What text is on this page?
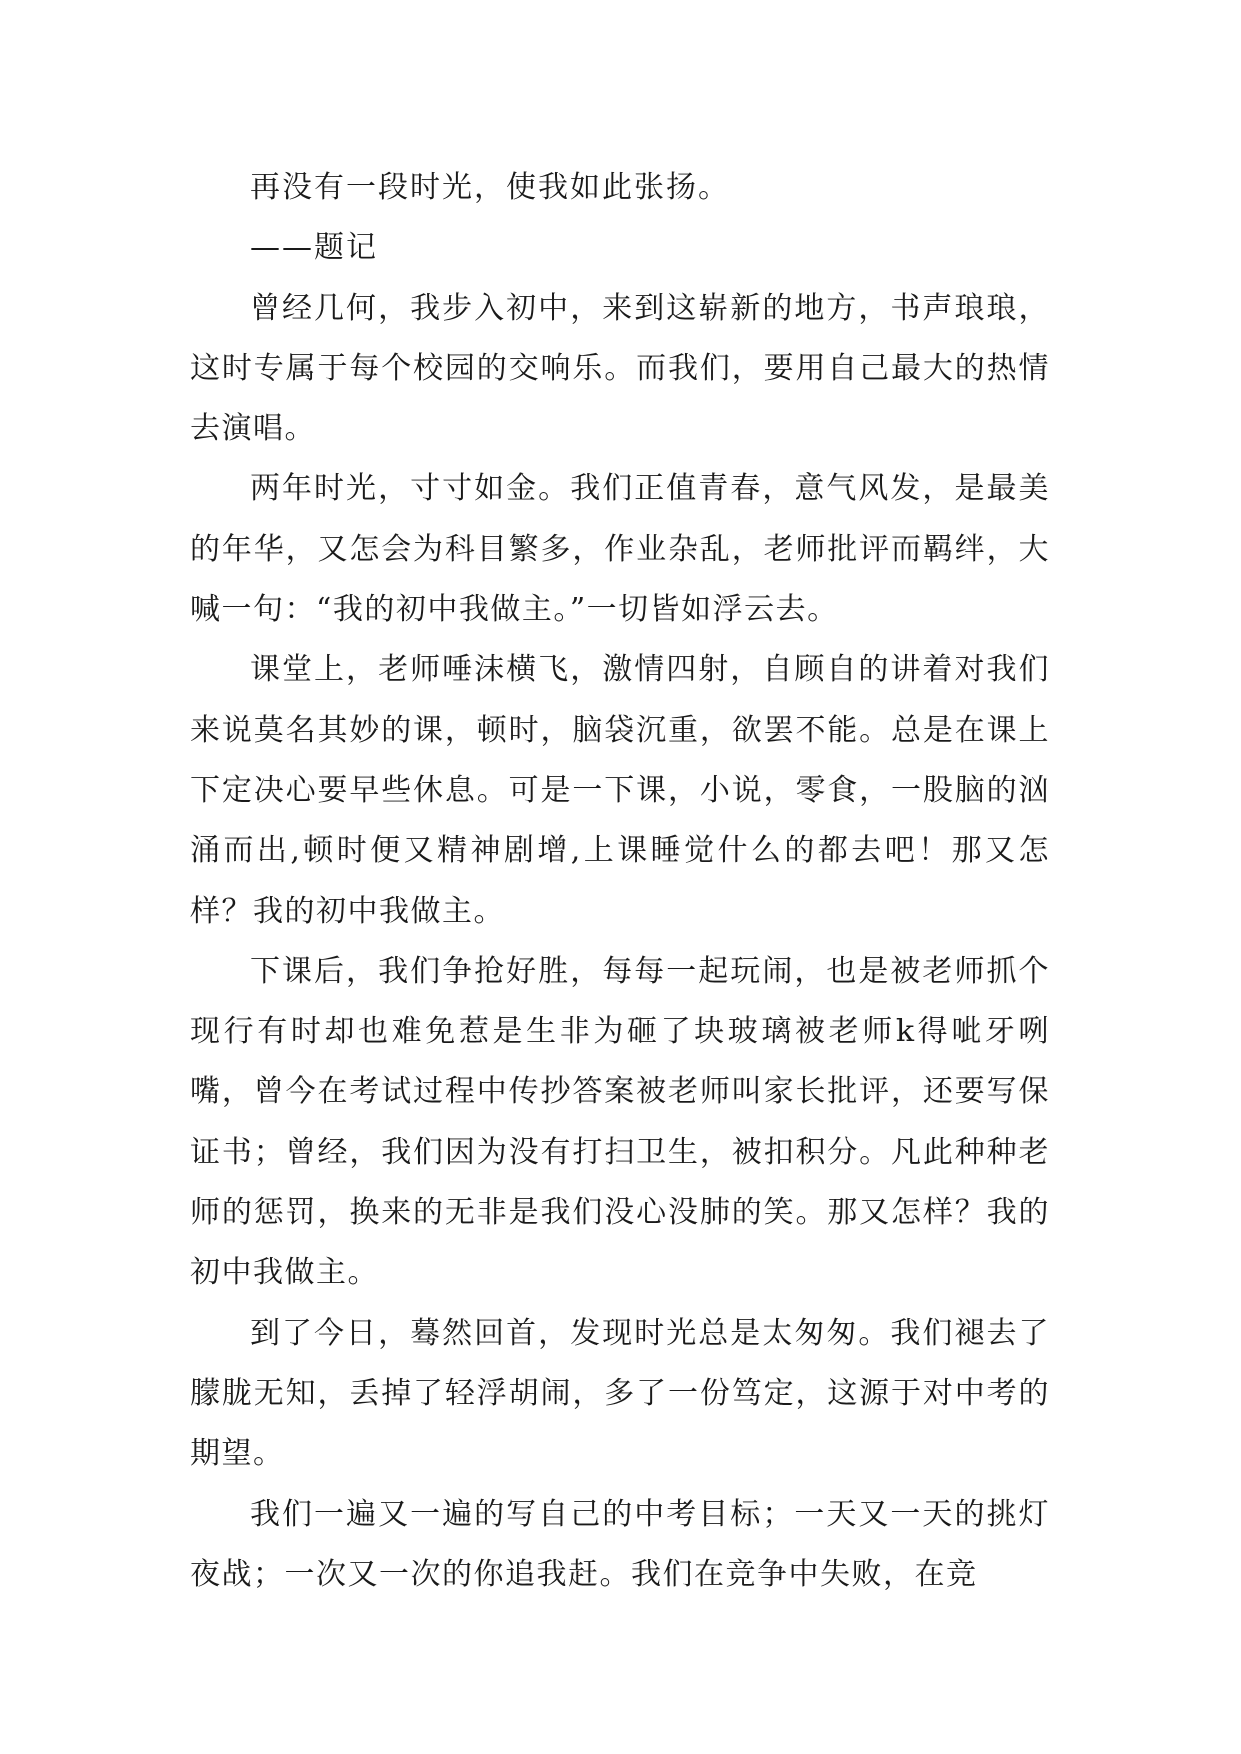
再没有一段时光，使我如此张扬。

——题记

曾经几何，我步入初中，来到这崭新的地方，书声琅琅，这时专属于每个校园的交响乐。而我们，要用自己最大的热情去演唱。

两年时光，寸寸如金。我们正值青春，意气风发，是最美的年华，又怎会为科目繁多，作业杂乱，老师批评而羁绊，大喊一句：“我的初中我做主。”一切皆如浮云去。

课堂上，老师唾沫横飞，激情四射，自顾自的讲着对我们来说莫名其妙的课，顿时，脑袋沉重，欲罢不能。总是在课上下定决心要早些休息。可是一下课，小说，零食，一股脑的汹涌而出,顿时便又精神剧增,上课睡觉什么的都去吧！那又怎样？我的初中我做主。

下课后，我们争抢好胜，每每一起玩闹，也是被老师抓个现行有时却也难免惹是生非为砸了块玻璃被老师k得呲牙咧嘴，曾今在考试过程中传抄答案被老师叫家长批评，还要写保证书；曾经，我们因为没有打扫卫生，被扣积分。凡此种种老师的惩罚，换来的无非是我们没心没肺的笑。那又怎样？我的初中我做主。

到了今日，蓦然回首，发现时光总是太匆匆。我们褪去了朦胧无知，丢掉了轻浮胡闹，多了一份笃定，这源于对中考的期望。

我们一遍又一遍的写自己的中考目标；一天又一天的挑灯夜战；一次又一次的你追我赶。我们在竞争中失败，在竞
